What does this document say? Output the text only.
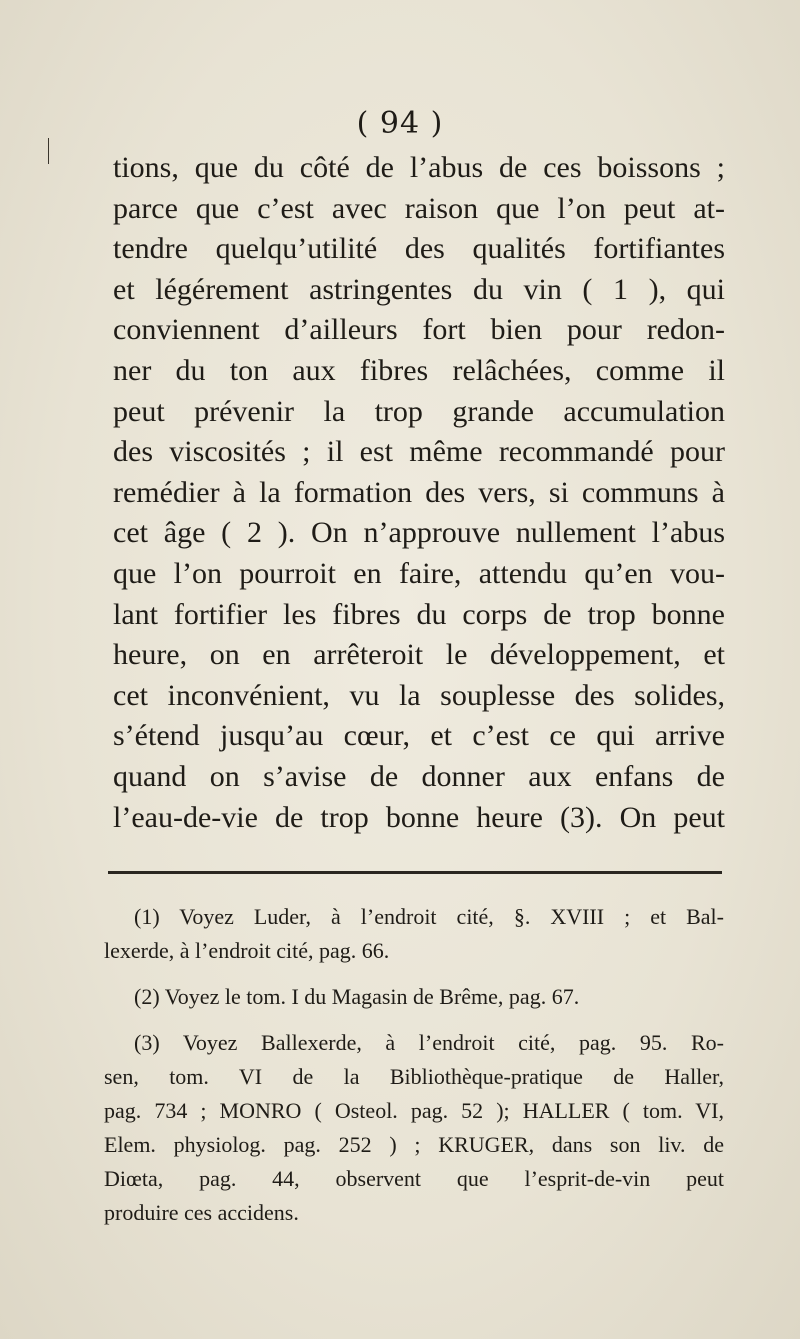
( 94 )
tions, que du côté de l’abus de ces boissons ;
parce que c’est avec raison que l’on peut at-
tendre quelqu’utilité des qualités fortifiantes
et légérement astringentes du vin ( 1 ), qui
conviennent d’ailleurs fort bien pour redon-
ner du ton aux fibres relâchées, comme il
peut prévenir la trop grande accumulation
des viscosités ; il est même recommandé pour
remédier à la formation des vers, si communs à
cet âge ( 2 ). On n’approuve nullement l’abus
que l’on pourroit en faire, attendu qu’en vou-
lant fortifier les fibres du corps de trop bonne
heure, on en arrêteroit le développement, et
cet inconvénient, vu la souplesse des solides,
s’étend jusqu’au cœur, et c’est ce qui arrive
quand on s’avise de donner aux enfans de
l’eau-de-vie de trop bonne heure (3). On peut
(1) Voyez Luder, à l’endroit cité, §. XVIII ; et Bal-
lexerde, à l’endroit cité, pag. 66.
(2) Voyez le tom. I du Magasin de Brême, pag. 67.
(3) Voyez Ballexerde, à l’endroit cité, pag. 95. Ro-
sen, tom. VI de la Bibliothèque-pratique de Haller,
pag. 734 ; MONRO ( Osteol. pag. 52 ); HALLER ( tom. VI,
Elem. physiolog. pag. 252 ) ; KRUGER, dans son liv. de
Diœta, pag. 44, observent que l’esprit-de-vin peut
produire ces accidens.
